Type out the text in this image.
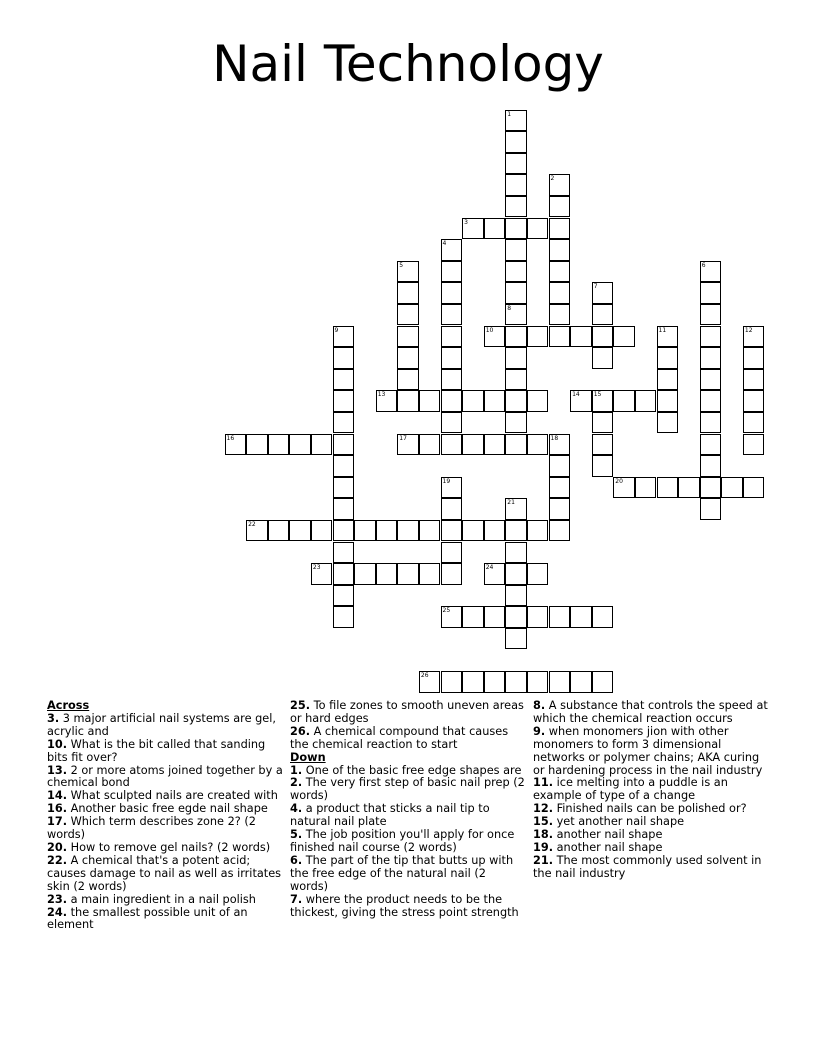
Nail Technology
1
8
2
4
5	6
7
9	11	12
15
18
19
21
3
10
13	14
16	17
20
22
23	24
25
26

Across

3. 3 major artificial nail systems are gel, acrylic and

10. What is the bit called that sanding bits fit over?

13. 2 or more atoms joined together by a chemical bond

14. What sculpted nails are created with

16. Another basic free egde nail shape

17. Which term describes zone 2? (2 words)

20. How to remove gel nails? (2 words)

22. A chemical that's a potent acid; causes damage to nail as well as irritates skin (2 words)

23. a main ingredient in a nail polish

24. the smallest possible unit of an element

25. To file zones to smooth uneven areas or hard edges

26. A chemical compound that causes the chemical reaction to start

Down

1. One of the basic free edge shapes are

2. The very first step of basic nail prep (2 words)

4. a product that sticks a nail tip to natural nail plate

5. The job position you'll apply for once finished nail course (2 words)

6. The part of the tip that butts up with the free edge of the natural nail (2 words)

7. where the product needs to be the thickest, giving the stress point strength

8. A substance that controls the speed at which the chemical reaction occurs

9. when monomers jion with other monomers to form 3 dimensional networks or polymer chains; AKA curing or hardening process in the nail industry

11. ice melting into a puddle is an example of type of a change

12. Finished nails can be polished or?

15. yet another nail shape

18. another nail shape

19. another nail shape

21. The most commonly used solvent in the nail industry
